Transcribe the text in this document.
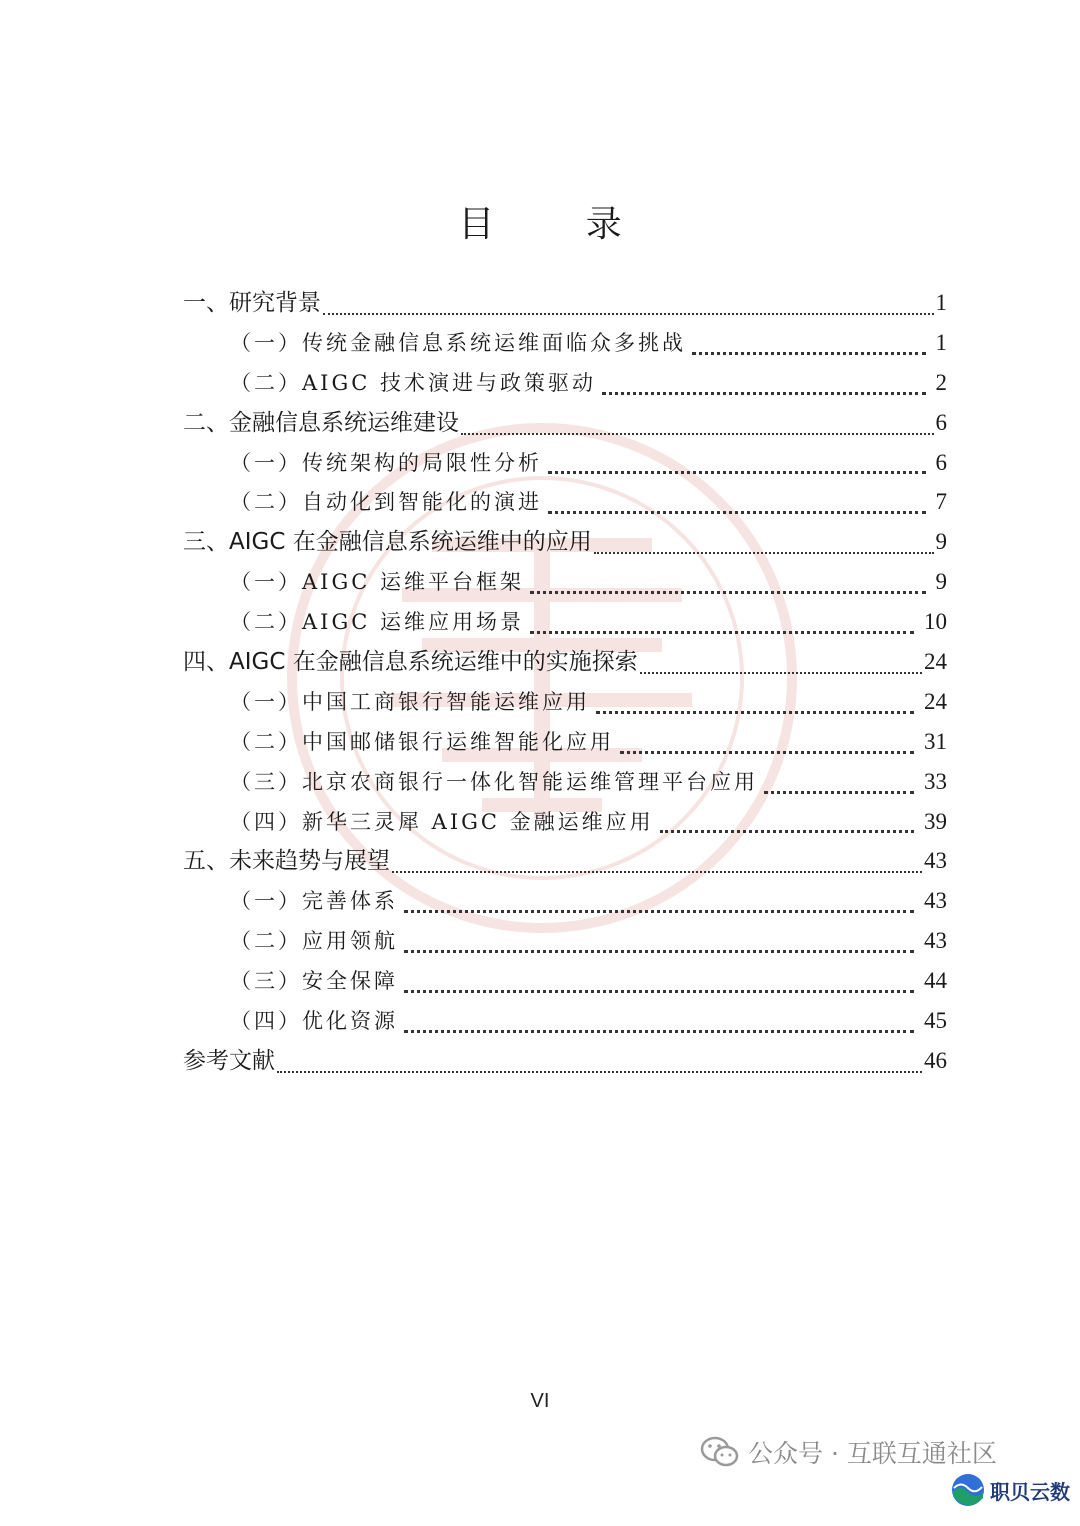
目 录
一、研究背景	1
（一）传统金融信息系统运维面临众多挑战	1
（二）AIGC 技术演进与政策驱动	2
二、金融信息系统运维建设	6
（一）传统架构的局限性分析	6
（二）自动化到智能化的演进	7
三、AIGC 在金融信息系统运维中的应用	9
（一）AIGC 运维平台框架	9
（二）AIGC 运维应用场景	10
四、AIGC 在金融信息系统运维中的实施探索	24
（一）中国工商银行智能运维应用	24
（二）中国邮储银行运维智能化应用	31
（三）北京农商银行一体化智能运维管理平台应用	33
（四）新华三灵犀 AIGC 金融运维应用	39
五、未来趋势与展望	43
（一）完善体系	43
（二）应用领航	43
（三）安全保障	44
（四）优化资源	45
参考文献	46
VI
公众号 · 互联互通社区
职贝云数
